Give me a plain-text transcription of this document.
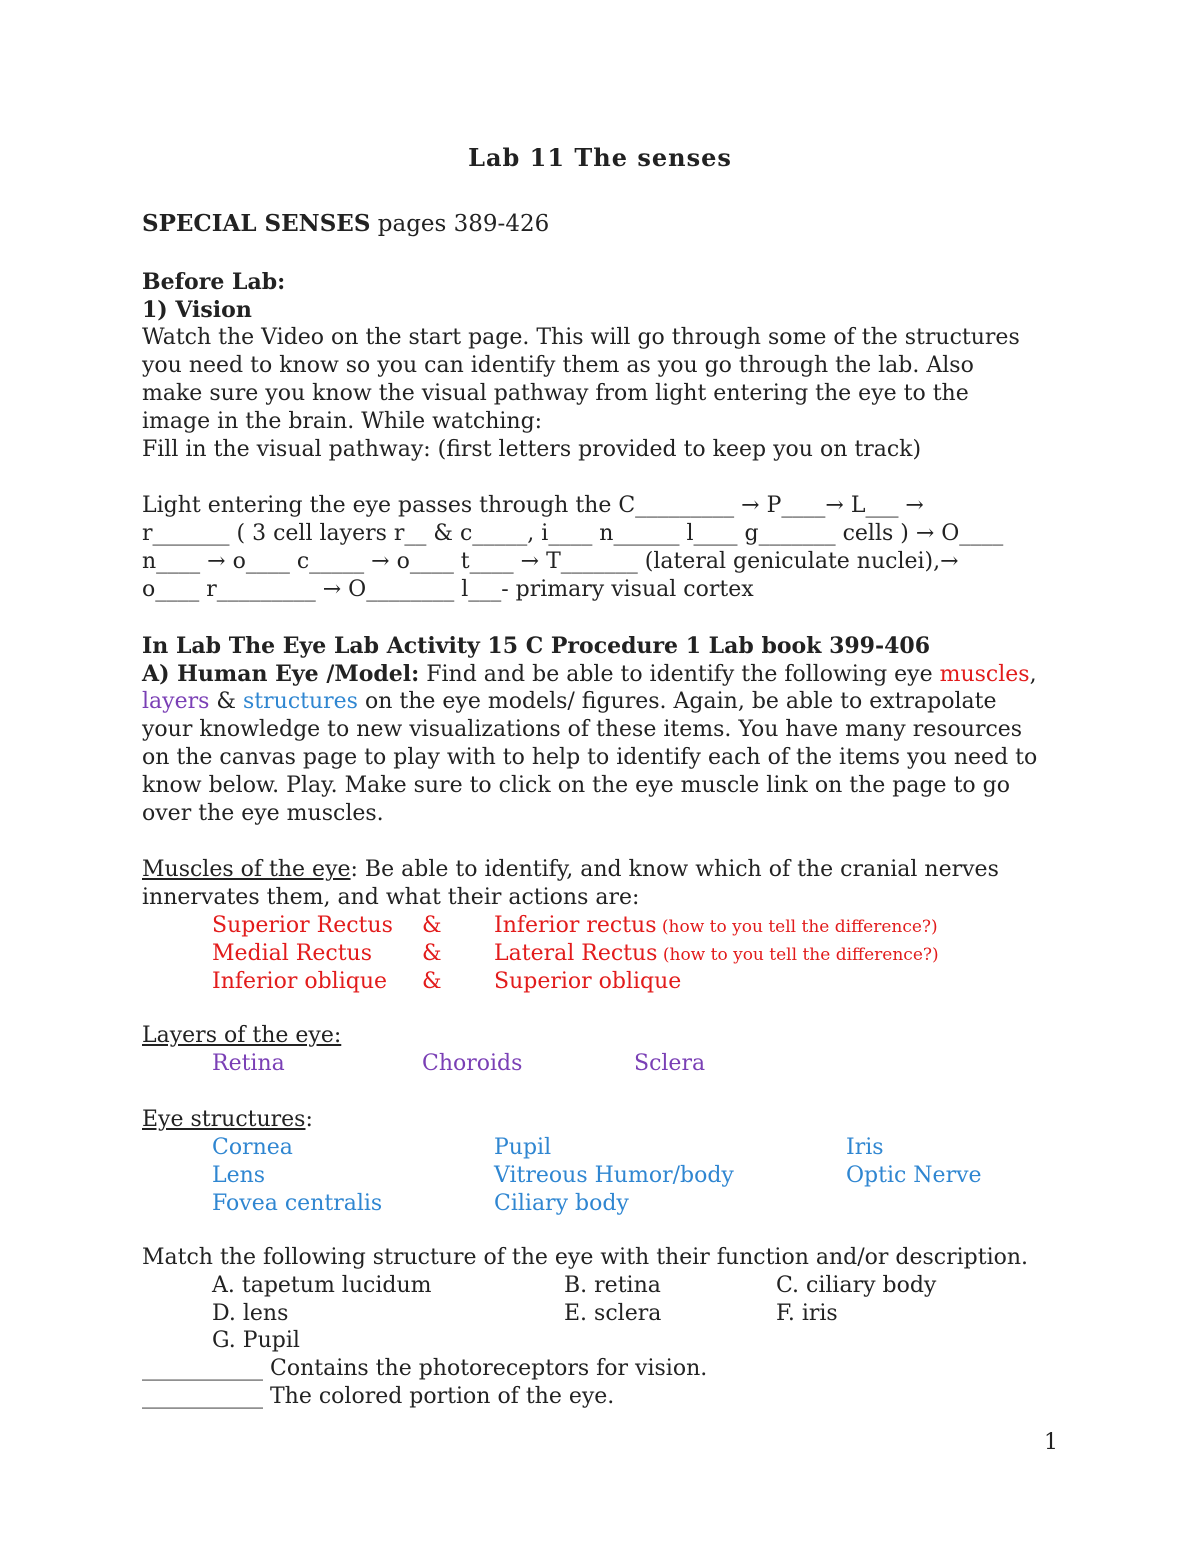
Lab 11 The senses
SPECIAL SENSES pages 389-426
Before Lab:
1) Vision
Watch the Video on the start page. This will go through some of the structures
you need to know so you can identify them as you go through the lab. Also
make sure you know the visual pathway from light entering the eye to the
image in the brain. While watching:
Fill in the visual pathway: (first letters provided to keep you on track)
Light entering the eye passes through the C_________ → P____→ L___ →
r_______ ( 3 cell layers r__ & c_____, i____ n______ l____ g_______ cells ) → O____
n____ → o____ c_____ → o____ t____ → T_______ (lateral geniculate nuclei),→
o____ r_________ → O________ l___- primary visual cortex
In Lab The Eye Lab Activity 15 C Procedure 1 Lab book 399-406
A) Human Eye /Model: Find and be able to identify the following eye muscles,
layers & structures on the eye models/ figures. Again, be able to extrapolate
your knowledge to new visualizations of these items. You have many resources
on the canvas page to play with to help to identify each of the items you need to
know below. Play. Make sure to click on the eye muscle link on the page to go
over the eye muscles.
Muscles of the eye: Be able to identify, and know which of the cranial nerves
innervates them, and what their actions are:
Superior Rectus & Inferior rectus (how to you tell the difference?)
Medial Rectus & Lateral Rectus (how to you tell the difference?)
Inferior oblique & Superior oblique
Layers of the eye:
Retina	Choroids	Sclera
Eye structures:
Cornea	Pupil	Iris
Lens	Vitreous Humor/body	Optic Nerve
Fovea centralis	Ciliary body
Match the following structure of the eye with their function and/or description.
A. tapetum lucidum	B. retina	C. ciliary body
D. lens	E. sclera	F. iris
G. Pupil
___________ Contains the photoreceptors for vision.
___________ The colored portion of the eye.
1
